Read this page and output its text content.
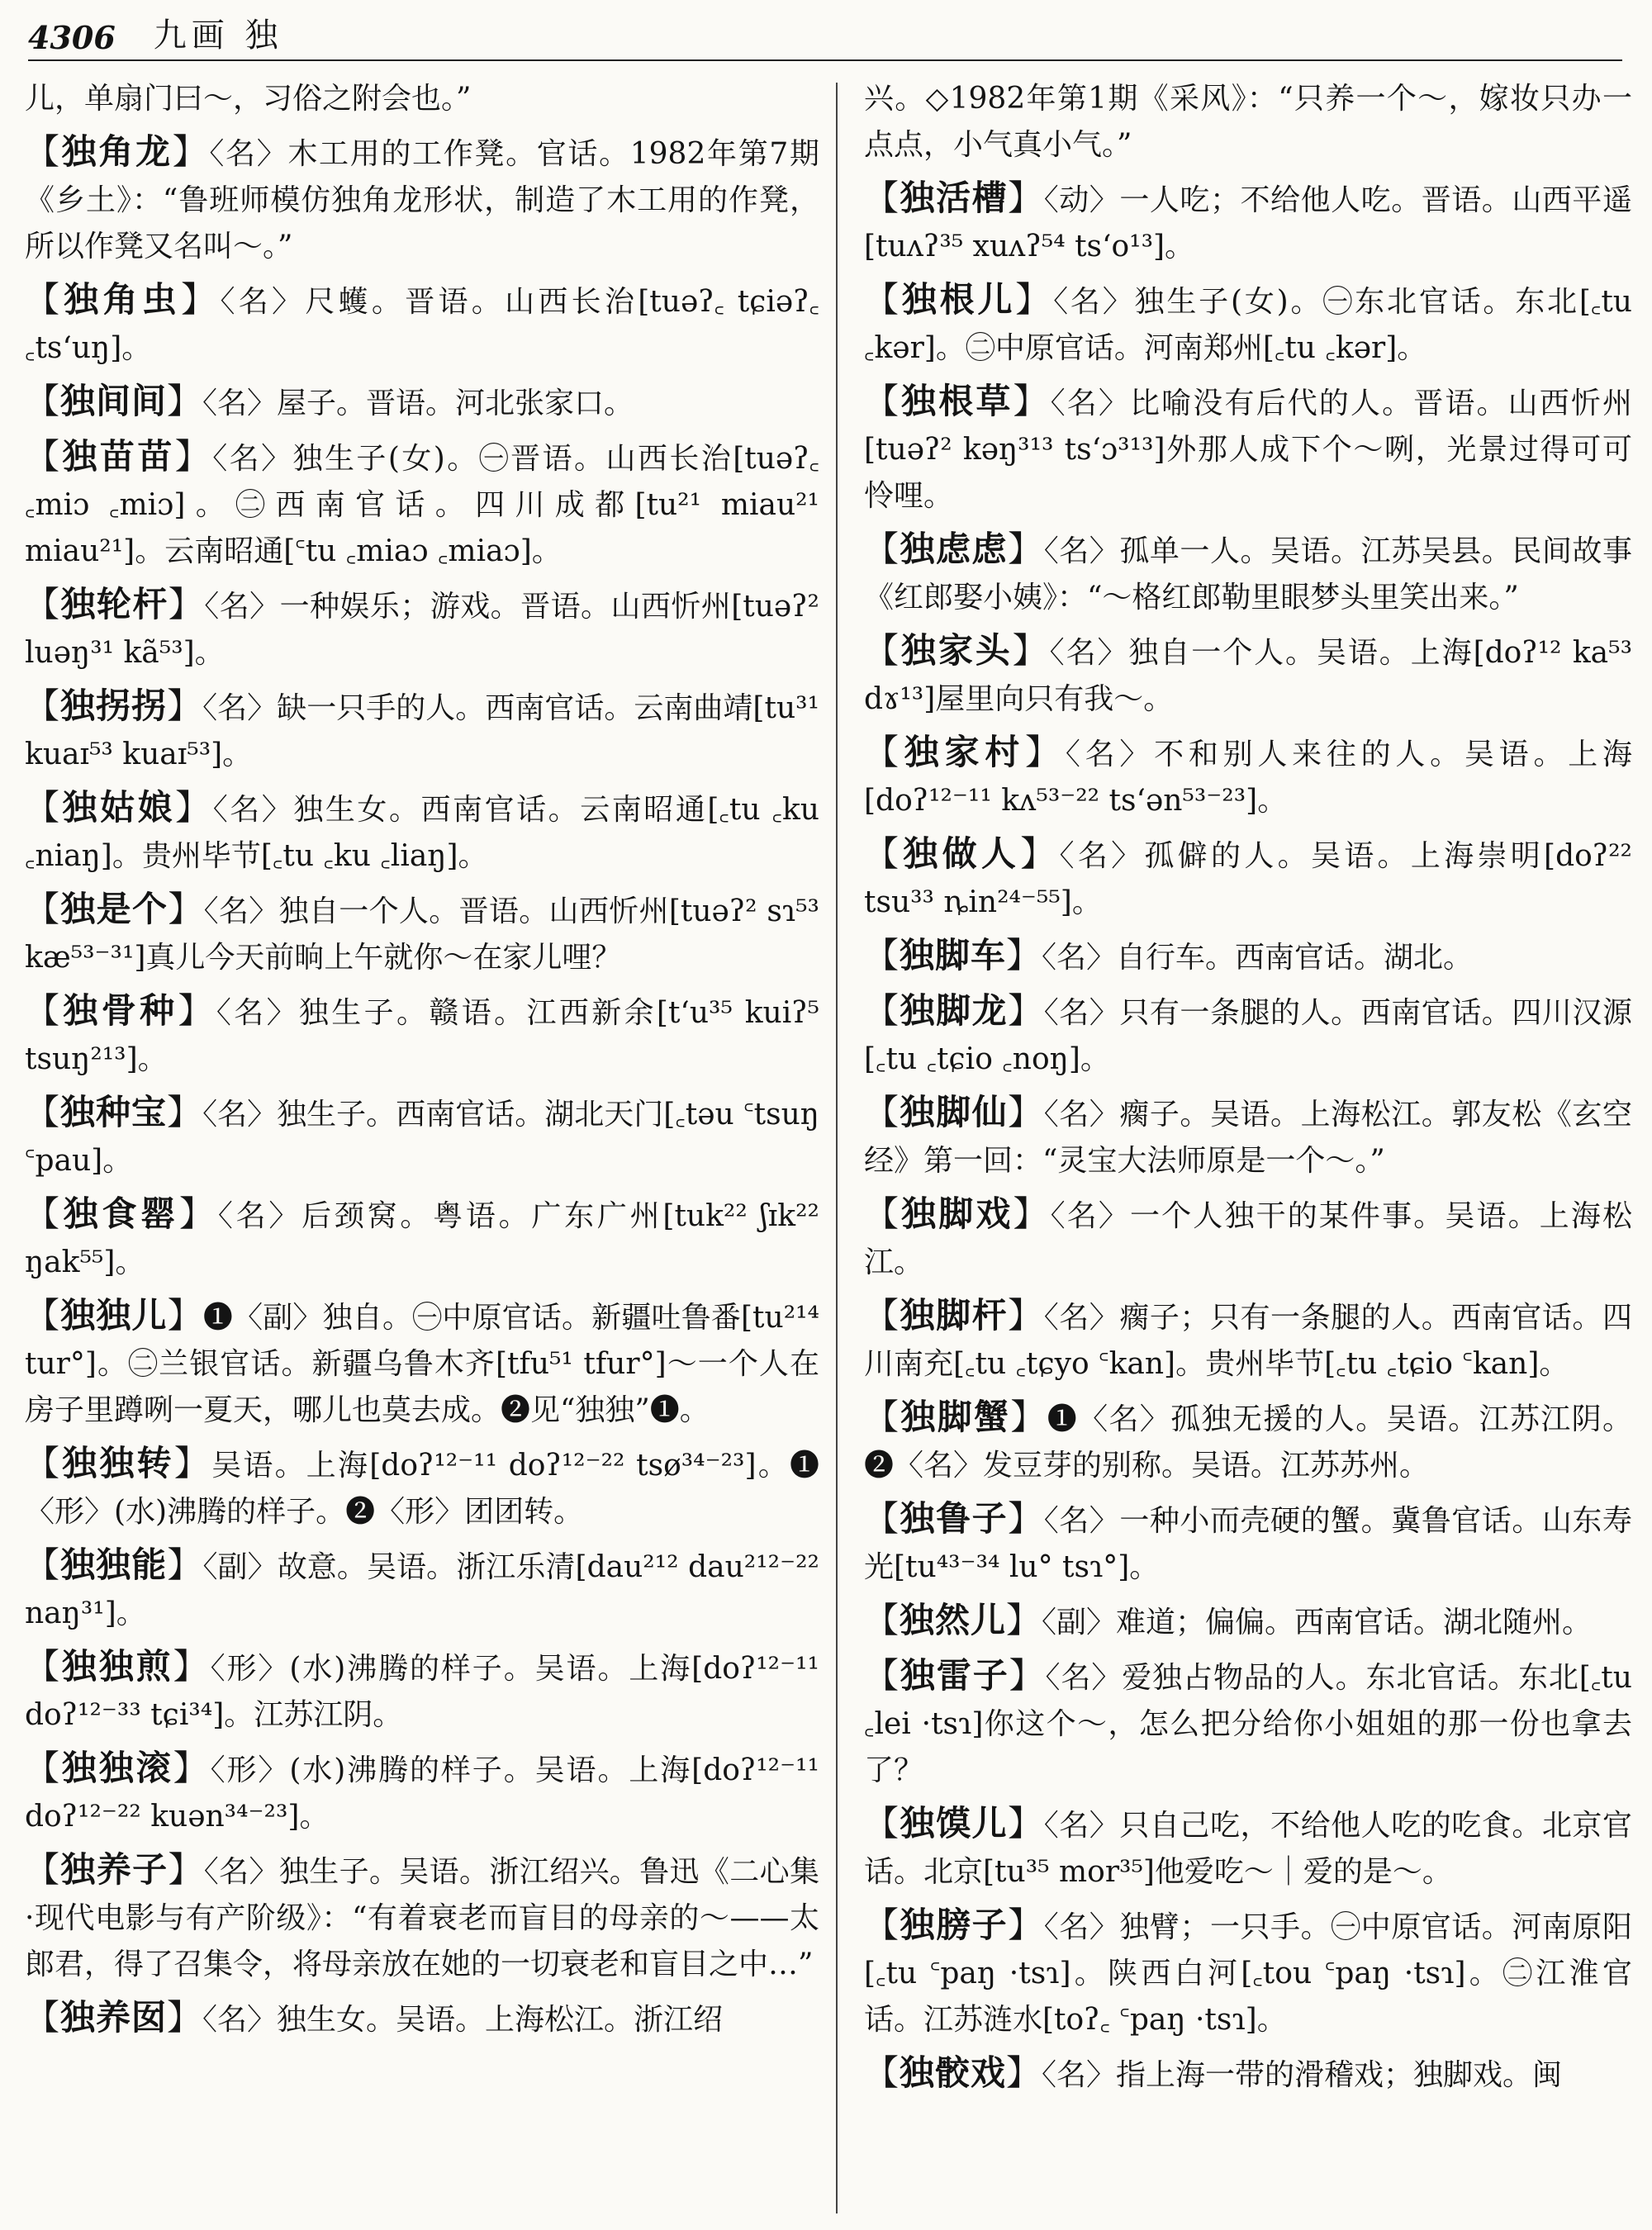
4306 九画 独

儿，单扇门曰～，习俗之附会也。”

【独角龙】〈名〉木工用的工作凳。官话。1982年第7期《乡土》：“鲁班师模仿独角龙形状，制造了木工用的作凳，所以作凳又名叫～。”

【独角虫】〈名〉尺蠖。晋语。山西长治[tuəʔ꜀ tɕiəʔ꜀ ꜀ts‘uŋ]。

【独间间】〈名〉屋子。晋语。河北张家口。

【独苗苗】〈名〉独生子(女)。㊀晋语。山西长治[tuəʔ꜀ ꜀miɔ ꜀miɔ]。㊁西南官话。四川成都[tu²¹ miau²¹ miau²¹]。云南昭通[꜂tu ꜀miaɔ ꜀miaɔ]。

【独轮杆】〈名〉一种娱乐；游戏。晋语。山西忻州[tuəʔ² luəŋ³¹ kã⁵³]。

【独拐拐】〈名〉缺一只手的人。西南官话。云南曲靖[tu³¹ kuaɪ⁵³ kuaɪ⁵³]。

【独姑娘】〈名〉独生女。西南官话。云南昭通[꜀tu ꜀ku ꜀niaŋ]。贵州毕节[꜀tu ꜀ku ꜀liaŋ]。

【独是个】〈名〉独自一个人。晋语。山西忻州[tuəʔ² sɿ⁵³ kæ⁵³⁻³¹]真儿今天前晌上午就你～在家儿哩？

【独骨种】〈名〉独生子。赣语。江西新余[t‘u³⁵ kuiʔ⁵ tsuŋ²¹³]。

【独种宝】〈名〉独生子。西南官话。湖北天门[꜀təu ꜂tsuŋ ꜂pau]。

【独食罂】〈名〉后颈窝。粤语。广东广州[tuk²² ʃɪk²² ŋak⁵⁵]。

【独独儿】❶〈副〉独自。㊀中原官话。新疆吐鲁番[tu²¹⁴ tur°]。㊁兰银官话。新疆乌鲁木齐[tfu⁵¹ tfur°]～一个人在房子里蹲咧一夏天，哪儿也莫去成。❷见“独独”❶。

【独独转】吴语。上海[doʔ¹²⁻¹¹ doʔ¹²⁻²² tsø³⁴⁻²³]。❶〈形〉(水)沸腾的样子。❷〈形〉团团转。

【独独能】〈副〉故意。吴语。浙江乐清[dau²¹² dau²¹²⁻²² naŋ³¹]。

【独独煎】〈形〉(水)沸腾的样子。吴语。上海[doʔ¹²⁻¹¹ doʔ¹²⁻³³ tɕi³⁴]。江苏江阴。

【独独滚】〈形〉(水)沸腾的样子。吴语。上海[doʔ¹²⁻¹¹ doʔ¹²⁻²² kuən³⁴⁻²³]。

【独养子】〈名〉独生子。吴语。浙江绍兴。鲁迅《二心集·现代电影与有产阶级》：“有着衰老而盲目的母亲的～——太郎君，得了召集令，将母亲放在她的一切衰老和盲目之中…”

【独养囡】〈名〉独生女。吴语。上海松江。浙江绍

兴。◇1982年第1期《采风》：“只养一个～，嫁妆只办一点点，小气真小气。”

【独活槽】〈动〉一人吃；不给他人吃。晋语。山西平遥[tuʌʔ³⁵ xuʌʔ⁵⁴ ts‘o¹³]。

【独根儿】〈名〉独生子(女)。㊀东北官话。东北[꜀tu ꜀kər]。㊁中原官话。河南郑州[꜀tu ꜀kər]。

【独根草】〈名〉比喻没有后代的人。晋语。山西忻州[tuəʔ² kəŋ³¹³ ts‘ɔ³¹³]外那人成下个～咧，光景过得可可怜哩。

【独虑虑】〈名〉孤单一人。吴语。江苏吴县。民间故事《红郎娶小姨》：“～格红郎勒里眼梦头里笑出来。”

【独家头】〈名〉独自一个人。吴语。上海[doʔ¹² ka⁵³ dɤ¹³]屋里向只有我～。

【独家村】〈名〉不和别人来往的人。吴语。上海[doʔ¹²⁻¹¹ kʌ⁵³⁻²² ts‘ən⁵³⁻²³]。

【独做人】〈名〉孤僻的人。吴语。上海崇明[doʔ²² tsu³³ ȵin²⁴⁻⁵⁵]。

【独脚车】〈名〉自行车。西南官话。湖北。

【独脚龙】〈名〉只有一条腿的人。西南官话。四川汉源[꜀tu ꜀tɕio ꜀noŋ]。

【独脚仙】〈名〉瘸子。吴语。上海松江。郭友松《玄空经》第一回：“灵宝大法师原是一个～。”

【独脚戏】〈名〉一个人独干的某件事。吴语。上海松江。

【独脚杆】〈名〉瘸子；只有一条腿的人。西南官话。四川南充[꜀tu ꜀tɕyo ꜂kan]。贵州毕节[꜀tu ꜀tɕio ꜂kan]。

【独脚蟹】❶〈名〉孤独无援的人。吴语。江苏江阴。❷〈名〉发豆芽的别称。吴语。江苏苏州。

【独鲁子】〈名〉一种小而壳硬的蟹。冀鲁官话。山东寿光[tu⁴³⁻³⁴ lu° tsɿ°]。

【独然儿】〈副〉难道；偏偏。西南官话。湖北随州。

【独雷子】〈名〉爱独占物品的人。东北官话。东北[꜀tu ꜀lei ·tsɿ]你这个～，怎么把分给你小姐姐的那一份也拿去了？

【独馍儿】〈名〉只自己吃，不给他人吃的吃食。北京官话。北京[tu³⁵ mor³⁵]他爱吃～｜爱的是～。

【独膀子】〈名〉独臂；一只手。㊀中原官话。河南原阳[꜀tu ꜂paŋ ·tsɿ]。陕西白河[꜀tou ꜂paŋ ·tsɿ]。㊁江淮官话。江苏涟水[toʔ꜀ ꜂paŋ ·tsɿ]。

【独骹戏】〈名〉指上海一带的滑稽戏；独脚戏。闽
